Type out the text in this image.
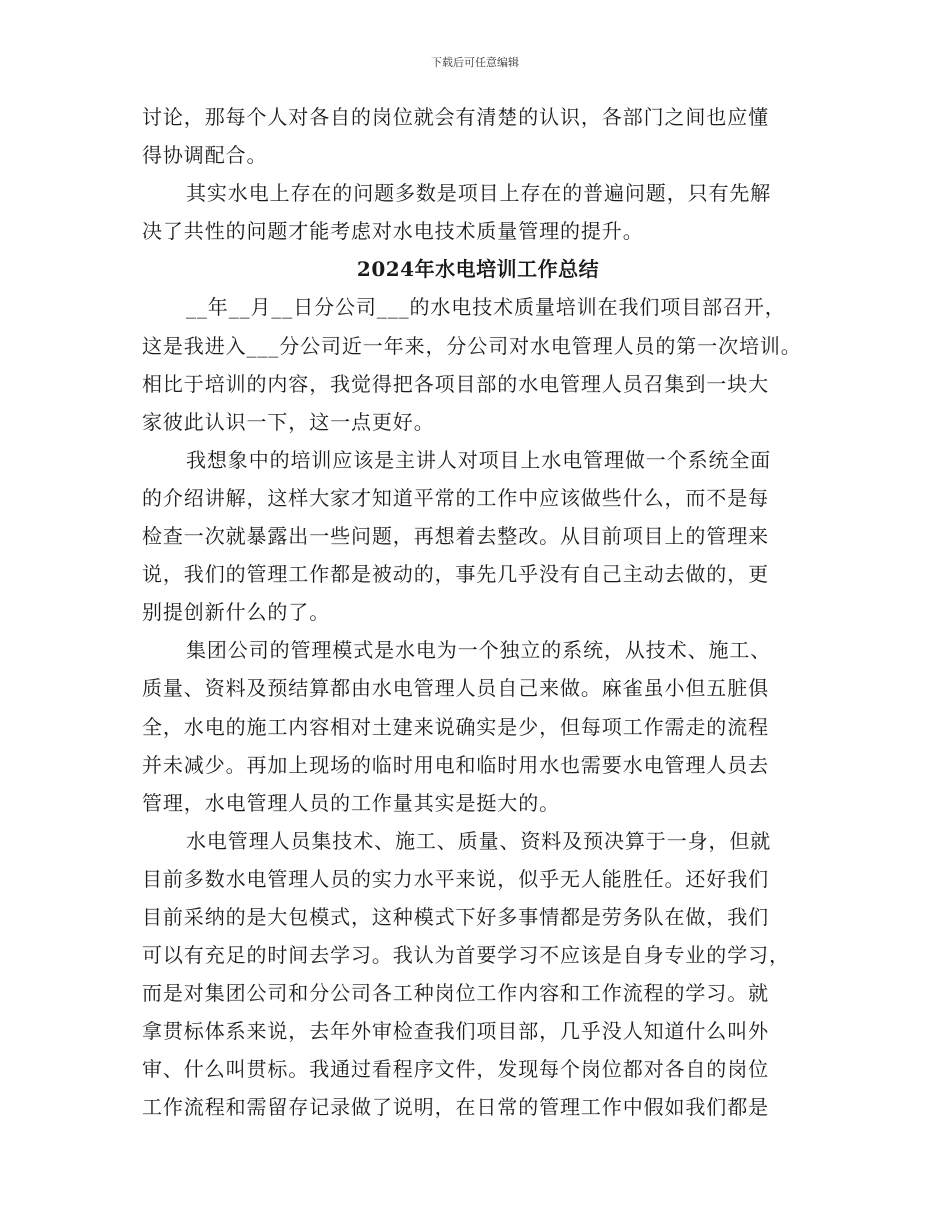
下载后可任意编辑
讨论，那每个人对各自的岗位就会有清楚的认识，各部门之间也应懂
得协调配合。
其实水电上存在的问题多数是项目上存在的普遍问题，只有先解
决了共性的问题才能考虑对水电技术质量管理的提升。
2024年水电培训工作总结
__年__月__日分公司___的水电技术质量培训在我们项目部召开，
这是我进入___分公司近一年来，分公司对水电管理人员的第一次培训。
相比于培训的内容，我觉得把各项目部的水电管理人员召集到一块大
家彼此认识一下，这一点更好。
我想象中的培训应该是主讲人对项目上水电管理做一个系统全面
的介绍讲解，这样大家才知道平常的工作中应该做些什么，而不是每
检查一次就暴露出一些问题，再想着去整改。从目前项目上的管理来
说，我们的管理工作都是被动的，事先几乎没有自己主动去做的，更
别提创新什么的了。
集团公司的管理模式是水电为一个独立的系统，从技术、施工、
质量、资料及预结算都由水电管理人员自己来做。麻雀虽小但五脏俱
全，水电的施工内容相对土建来说确实是少，但每项工作需走的流程
并未减少。再加上现场的临时用电和临时用水也需要水电管理人员去
管理，水电管理人员的工作量其实是挺大的。
水电管理人员集技术、施工、质量、资料及预决算于一身，但就
目前多数水电管理人员的实力水平来说，似乎无人能胜任。还好我们
目前采纳的是大包模式，这种模式下好多事情都是劳务队在做，我们
可以有充足的时间去学习。我认为首要学习不应该是自身专业的学习，
而是对集团公司和分公司各工种岗位工作内容和工作流程的学习。就
拿贯标体系来说，去年外审检查我们项目部，几乎没人知道什么叫外
审、什么叫贯标。我通过看程序文件，发现每个岗位都对各自的岗位
工作流程和需留存记录做了说明，在日常的管理工作中假如我们都是
